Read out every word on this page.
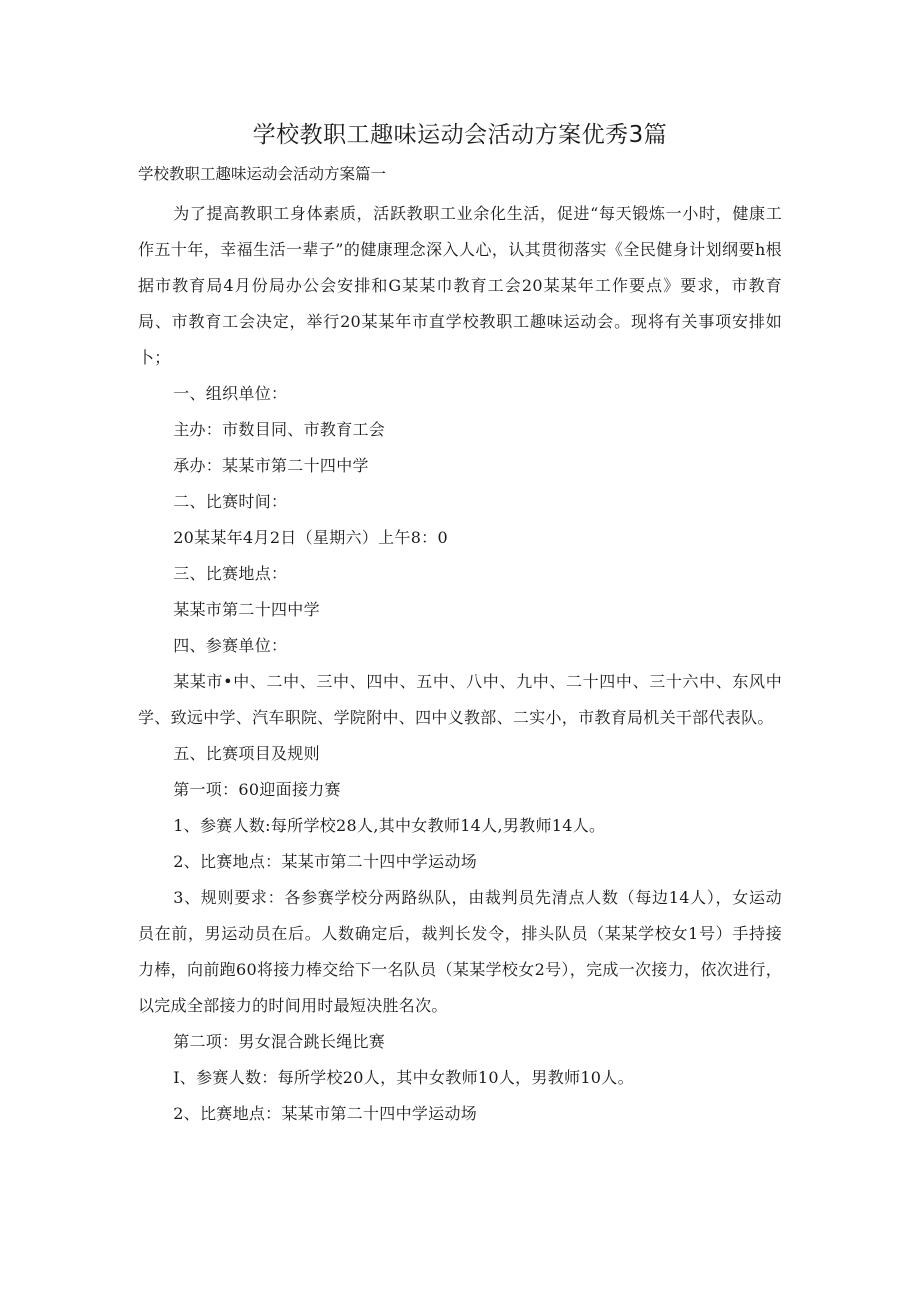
学校教职工趣味运动会活动方案优秀3篇

学校教职工趣味运动会活动方案篇一

为了提高教职工身体素质，活跃教职工业余化生活，促进“每天锻炼一小时，健康工作五十年，幸福生活一辈子”的健康理念深入人心，认其贯彻落实《全民健身计划纲要h根据市教育局4月份局办公会安排和G某某巾教育工会20某某年工作要点》要求，市教育局、市教育工会决定，举行20某某年市直学校教职工趣味运动会。现将有关事项安排如卜；

一、组织单位：

主办：市数目同、市教育工会

承办：某某市第二十四中学

二、比赛时间：

20某某年4月2日（星期六）上午8：0

三、比赛地点：

某某市第二十四中学

四、参赛单位：

某某市•中、二中、三中、四中、五中、八中、九中、二十四中、三十六中、东风中学、致远中学、汽车职院、学院附中、四中义教部、二实小，市教育局机关干部代表队。

五、比赛项目及规则

第一项：60迎面接力赛

1、参赛人数:每所学校28人,其中女教师14人,男教师14人。

2、比赛地点：某某市第二十四中学运动场

3、规则要求：各参赛学校分两路纵队，由裁判员先清点人数（每边14人），女运动员在前，男运动员在后。人数确定后，裁判长发令，排头队员（某某学校女1号）手持接力棒，向前跑60将接力棒交给下一名队员（某某学校女2号），完成一次接力，依次进行，以完成全部接力的时间用时最短决胜名次。

第二项：男女混合跳长绳比赛

I、参赛人数：每所学校20人，其中女教师10人，男教师10人。

2、比赛地点：某某市第二十四中学运动场
